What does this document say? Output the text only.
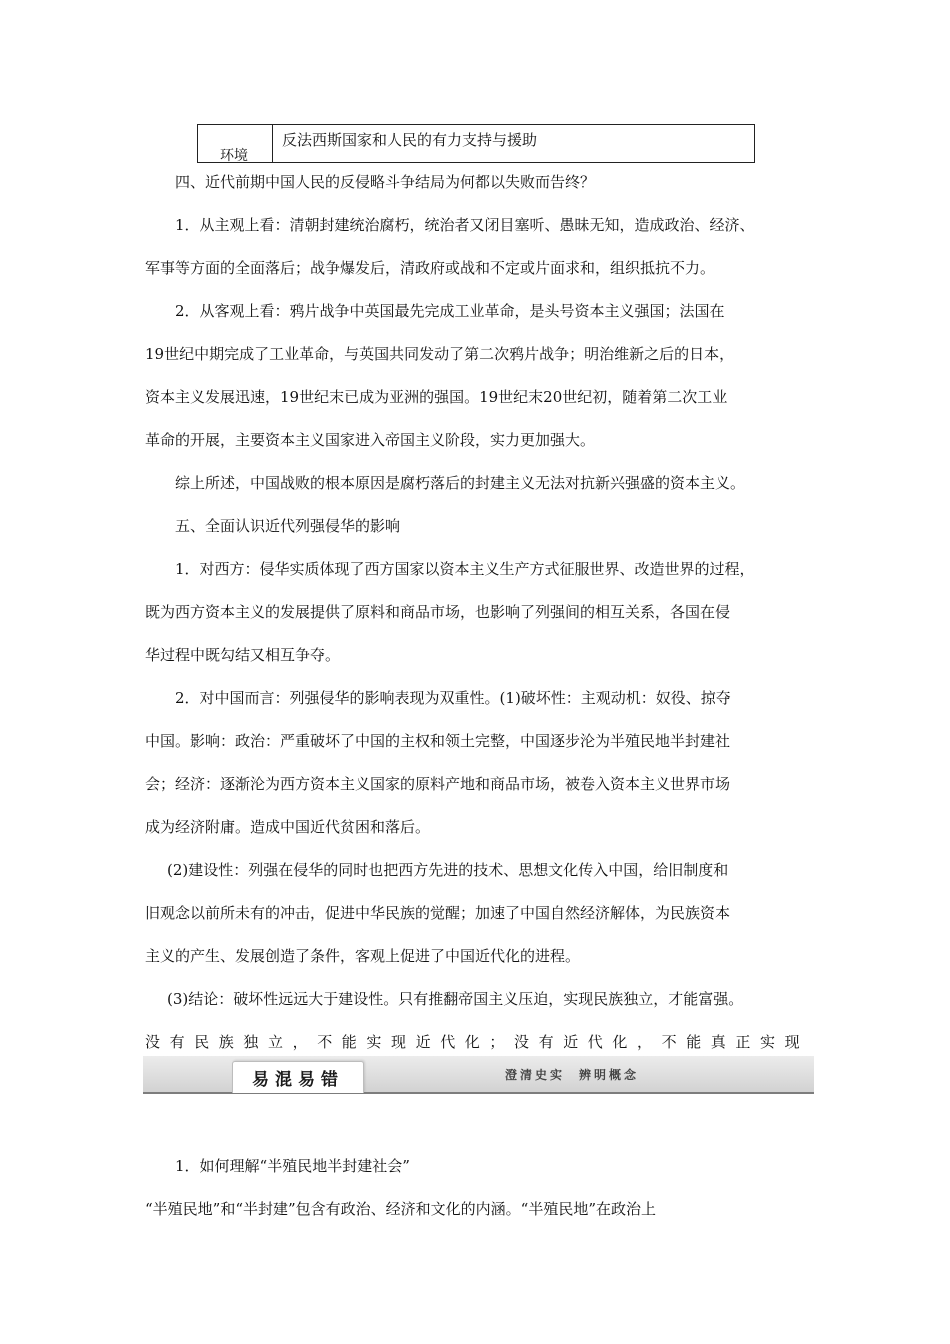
环境
反法西斯国家和人民的有力支持与援助

四、近代前期中国人民的反侵略斗争结局为何都以失败而告终？

1．从主观上看：清朝封建统治腐朽，统治者又闭目塞听、愚昧无知，造成政治、经济、

军事等方面的全面落后；战争爆发后，清政府或战和不定或片面求和，组织抵抗不力。

2．从客观上看：鸦片战争中英国最先完成工业革命，是头号资本主义强国；法国在

19世纪中期完成了工业革命，与英国共同发动了第二次鸦片战争；明治维新之后的日本，

资本主义发展迅速，19世纪末已成为亚洲的强国。19世纪末20世纪初，随着第二次工业

革命的开展，主要资本主义国家进入帝国主义阶段，实力更加强大。

综上所述，中国战败的根本原因是腐朽落后的封建主义无法对抗新兴强盛的资本主义。

五、全面认识近代列强侵华的影响

1．对西方：侵华实质体现了西方国家以资本主义生产方式征服世界、改造世界的过程，

既为西方资本主义的发展提供了原料和商品市场，也影响了列强间的相互关系，各国在侵

华过程中既勾结又相互争夺。

2．对中国而言：列强侵华的影响表现为双重性。(1)破坏性：主观动机：奴役、掠夺

中国。影响：政治：严重破坏了中国的主权和领土完整，中国逐步沦为半殖民地半封建社

会；经济：逐渐沦为西方资本主义国家的原料产地和商品市场，被卷入资本主义世界市场

成为经济附庸。造成中国近代贫困和落后。

(2)建设性：列强在侵华的同时也把西方先进的技术、思想文化传入中国，给旧制度和

旧观念以前所未有的冲击，促进中华民族的觉醒；加速了中国自然经济解体，为民族资本

主义的产生、发展创造了条件，客观上促进了中国近代化的进程。

(3)结论：破坏性远远大于建设性。只有推翻帝国主义压迫，实现民族独立，才能富强。

没有民族独立，不能实现近代化；没有近代化，不能真正实现

易混易错	澄清史实 辨明概念

1．如何理解“半殖民地半封建社会”

“半殖民地”和“半封建”包含有政治、经济和文化的内涵。“半殖民地”在政治上
